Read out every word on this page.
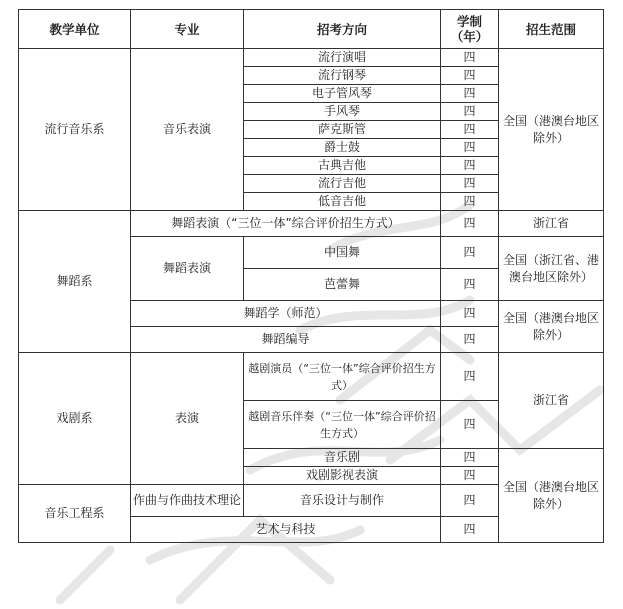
教学单位	专业	招考方向	学制（年）	招生范围
流行音乐系	音乐表演	流行演唱	四	全国（港澳台地区除外）
		流行钢琴	四	
		电子管风琴	四	
		手风琴	四	
		萨克斯管	四	
		爵士鼓	四	
		古典吉他	四	
		流行吉他	四	
		低音吉他	四	
舞蹈系	舞蹈表演（“三位一体”综合评价招生方式）		四	浙江省
	舞蹈表演	中国舞	四	全国（浙江省、港澳台地区除外）
		芭蕾舞	四	
	舞蹈学（师范）		四	全国（港澳台地区除外）
	舞蹈编导		四	
戏剧系	表演	越剧演员（“三位一体”综合评价招生方式）	四	浙江省
		越剧音乐伴奏（“三位一体”综合评价招生方式）	四	
		音乐剧	四	全国（港澳台地区除外）
		戏剧影视表演	四	
音乐工程系	作曲与作曲技术理论	音乐设计与制作	四	
	艺术与科技		四	
